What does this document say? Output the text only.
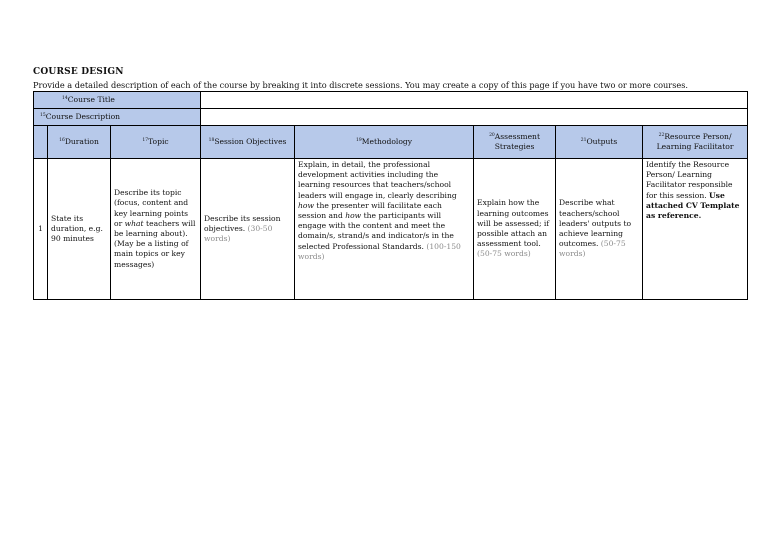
COURSE DESIGN
Provide a detailed description of each of the course by breaking it into discrete sessions. You may create a copy of this page if you have two or more courses.
$^{14}$Course Title							
$^{15}$Course Description							
	$^{16}$Duration	$^{17}$Topic	$^{18}$Session Objectives	$^{19}$Methodology	$^{20}$Assessment Strategies	$^{21}$Outputs	$^{22}$Resource Person/ Learning Facilitator
1	State its duration, e.g. 90 minutes	Describe its topic (focus, content and key learning points or what teachers will be learning about). (May be a listing of main topics or key messages)	Describe its session objectives. (30-50 words)	Explain, in detail, the professional development activities including the learning resources that teachers/school leaders will engage in, clearly describing how the presenter will facilitate each session and how the participants will engage with the content and meet the domain/s, strand/s and indicator/s in the selected Professional Standards. (100-150 words)	Explain how the learning outcomes will be assessed; if possible attach an assessment tool. (50-75 words)	Describe what teachers/school leaders' outputs to achieve learning outcomes. (50-75 words)	Identify the Resource Person/ Learning Facilitator responsible for this session. Use attached CV Template as reference.
